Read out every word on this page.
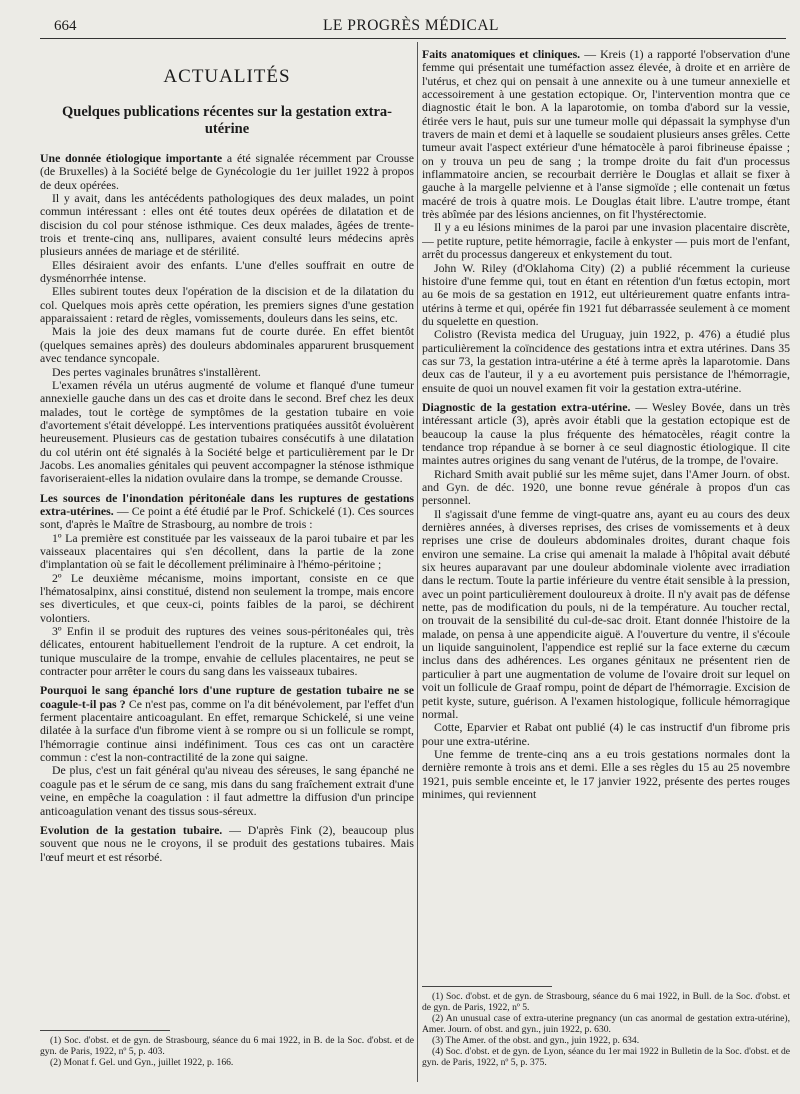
664	LE PROGRÈS MÉDICAL
ACTUALITÉS
Quelques publications récentes sur la gestation extra-utérine

Une donnée étiologique importante a été signalée récemment par Crousse (de Bruxelles) à la Société belge de Gynécologie du 1er juillet 1922 à propos de deux opérées.

Il y avait, dans les antécédents pathologiques des deux malades, un point commun intéressant : elles ont été toutes deux opérées de dilatation et de discision du col pour sténose isthmique. Ces deux malades, âgées de trente-trois et trente-cinq ans, nullipares, avaient consulté leurs médecins après plusieurs années de mariage et de stérilité.

Elles désiraient avoir des enfants. L'une d'elles souffrait en outre de dysménorrhée intense.

Elles subirent toutes deux l'opération de la discision et de la dilatation du col. Quelques mois après cette opération, les premiers signes d'une gestation apparaissaient : retard de règles, vomissements, douleurs dans les seins, etc.

Mais la joie des deux mamans fut de courte durée. En effet bientôt (quelques semaines après) des douleurs abdominales apparurent brusquement avec tendance syncopale.

Des pertes vaginales brunâtres s'installèrent.

L'examen révéla un utérus augmenté de volume et flanqué d'une tumeur annexielle gauche dans un des cas et droite dans le second. Bref chez les deux malades, tout le cortège de symptômes de la gestation tubaire en voie d'avortement s'était développé. Les interventions pratiquées aussitôt évoluèrent heureusement. Plusieurs cas de gestation tubaires consécutifs à une dilatation du col utérin ont été signalés à la Société belge et particulièrement par le Dr Jacobs. Les anomalies génitales qui peuvent accompagner la sténose isthmique favoriseraient-elles la nidation ovulaire dans la trompe, se demande Crousse.

Les sources de l'inondation péritonéale dans les ruptures de gestations extra-utérines. — Ce point a été étudié par le Prof. Schickelé (1). Ces sources sont, d'après le Maître de Strasbourg, au nombre de trois :

1º La première est constituée par les vaisseaux de la paroi tubaire et par les vaisseaux placentaires qui s'en décollent, dans la partie de la zone d'implantation où se fait le décollement préliminaire à l'hémo-péritoine ;

2º Le deuxième mécanisme, moins important, consiste en ce que l'hématosalpinx, ainsi constitué, distend non seulement la trompe, mais encore ses diverticules, et que ceux-ci, points faibles de la paroi, se déchirent volontiers.

3º Enfin il se produit des ruptures des veines sous-péritonéales qui, très délicates, entourent habituellement l'endroit de la rupture. A cet endroit, la tunique musculaire de la trompe, envahie de cellules placentaires, ne peut se contracter pour arrêter le cours du sang dans les vaisseaux tubaires.

Pourquoi le sang épanché lors d'une rupture de gestation tubaire ne se coagule-t-il pas ? Ce n'est pas, comme on l'a dit bénévolement, par l'effet d'un ferment placentaire anticoagulant. En effet, remarque Schickelé, si une veine dilatée à la surface d'un fibrome vient à se rompre ou si un follicule se rompt, l'hémorragie continue ainsi indéfiniment. Tous ces cas ont un caractère commun : c'est la non-contractilité de la zone qui saigne.

De plus, c'est un fait général qu'au niveau des séreuses, le sang épanché ne coagule pas et le sérum de ce sang, mis dans du sang fraîchement extrait d'une veine, en empêche la coagulation : il faut admettre la diffusion d'un principe anticoagulation venant des tissus sous-séreux.

Evolution de la gestation tubaire. — D'après Fink (2), beaucoup plus souvent que nous ne le croyons, il se produit des gestations tubaires. Mais l'œuf meurt et est résorbé.

(1) Soc. d'obst. et de gyn. de Strasbourg, séance du 6 mai 1922, in B. de la Soc. d'obst. et de gyn. de Paris, 1922, nº 5, p. 403.
(2) Monat f. Gel. und Gyn., juillet 1922, p. 166.

Faits anatomiques et cliniques. — Kreis (1) a rapporté l'observation d'une femme qui présentait une tuméfaction assez élevée, à droite et en arrière de l'utérus, et chez qui on pensait à une annexite ou à une tumeur annexielle et accessoirement à une gestation ectopique. Or, l'intervention montra que ce diagnostic était le bon. A la laparotomie, on tomba d'abord sur la vessie, étirée vers le haut, puis sur une tumeur molle qui dépassait la symphyse d'un travers de main et demi et à laquelle se soudaient plusieurs anses grêles. Cette tumeur avait l'aspect extérieur d'une hématocèle à paroi fibrineuse épaisse ; on y trouva un peu de sang ; la trompe droite du fait d'un processus inflammatoire ancien, se recourbait derrière le Douglas et allait se fixer à gauche à la margelle pelvienne et à l'anse sigmoïde ; elle contenait un fœtus macéré de trois à quatre mois. Le Douglas était libre. L'autre trompe, étant très abîmée par des lésions anciennes, on fit l'hystérectomie.

Il y a eu lésions minimes de la paroi par une invasion placentaire discrète, — petite rupture, petite hémorragie, facile à enkyster — puis mort de l'enfant, arrêt du processus dangereux et enkystement du tout.

John W. Riley (d'Oklahoma City) (2) a publié récemment la curieuse histoire d'une femme qui, tout en étant en rétention d'un fœtus ectopin, mort au 6e mois de sa gestation en 1912, eut ultérieurement quatre enfants intra-utérins à terme et qui, opérée fin 1921 fut débarrassée seulement à ce moment du squelette en question.

Colistro (Revista medica del Uruguay, juin 1922, p. 476) a étudié plus particulièrement la coïncidence des gestations intra et extra utérines. Dans 35 cas sur 73, la gestation intra-utérine a été à terme après la laparotomie. Dans deux cas de l'auteur, il y a eu avortement puis persistance de l'hémorragie, ensuite de quoi un nouvel examen fit voir la gestation extra-utérine.

Diagnostic de la gestation extra-utérine. — Wesley Bovée, dans un très intéressant article (3), après avoir établi que la gestation ectopique est de beaucoup la cause la plus fréquente des hématocèles, réagit contre la tendance trop répandue à se borner à ce seul diagnostic étiologique. Il cite maintes autres origines du sang venant de l'utérus, de la trompe, de l'ovaire.

Richard Smith avait publié sur les même sujet, dans l'Amer Journ. of obst. and Gyn. de déc. 1920, une bonne revue générale à propos d'un cas personnel.

Il s'agissait d'une femme de vingt-quatre ans, ayant eu au cours des deux dernières années, à diverses reprises, des crises de vomissements et à deux reprises une crise de douleurs abdominales droites, durant chaque fois environ une semaine. La crise qui amenait la malade à l'hôpital avait débuté six heures auparavant par une douleur abdominale violente avec irradiation dans le rectum. Toute la partie inférieure du ventre était sensible à la pression, avec un point particulièrement douloureux à droite. Il n'y avait pas de défense nette, pas de modification du pouls, ni de la température. Au toucher rectal, on trouvait de la sensibilité du cul-de-sac droit. Etant donnée l'histoire de la malade, on pensa à une appendicite aiguë. A l'ouverture du ventre, il s'écoule un liquide sanguinolent, l'appendice est replié sur la face externe du cæcum inclus dans des adhérences. Les organes génitaux ne présentent rien de particulier à part une augmentation de volume de l'ovaire droit sur lequel on voit un follicule de Graaf rompu, point de départ de l'hémorragie. Excision de petit kyste, suture, guérison. A l'examen histologique, follicule hémorragique normal.

Cotte, Eparvier et Rabat ont publié (4) le cas instructif d'un fibrome pris pour une extra-utérine.

Une femme de trente-cinq ans a eu trois gestations normales dont la dernière remonte à trois ans et demi. Elle a ses règles du 15 au 25 novembre 1921, puis semble enceinte et, le 17 janvier 1922, présente des pertes rouges minimes, qui reviennent

(1) Soc. d'obst. et de gyn. de Strasbourg, séance du 6 mai 1922, in Bull. de la Soc. d'obst. et de gyn. de Paris, 1922, nº 5.
(2) An unusual case of extra-uterine pregnancy (un cas anormal de gestation extra-utérine), Amer. Journ. of obst. and gyn., juin 1922, p. 630.
(3) The Amer. of the obst. and gyn., juin 1922, p. 634.
(4) Soc. d'obst. et de gyn. de Lyon, séance du 1er mai 1922 in Bulletin de la Soc. d'obst. et de gyn. de Paris, 1922, nº 5, p. 375.
